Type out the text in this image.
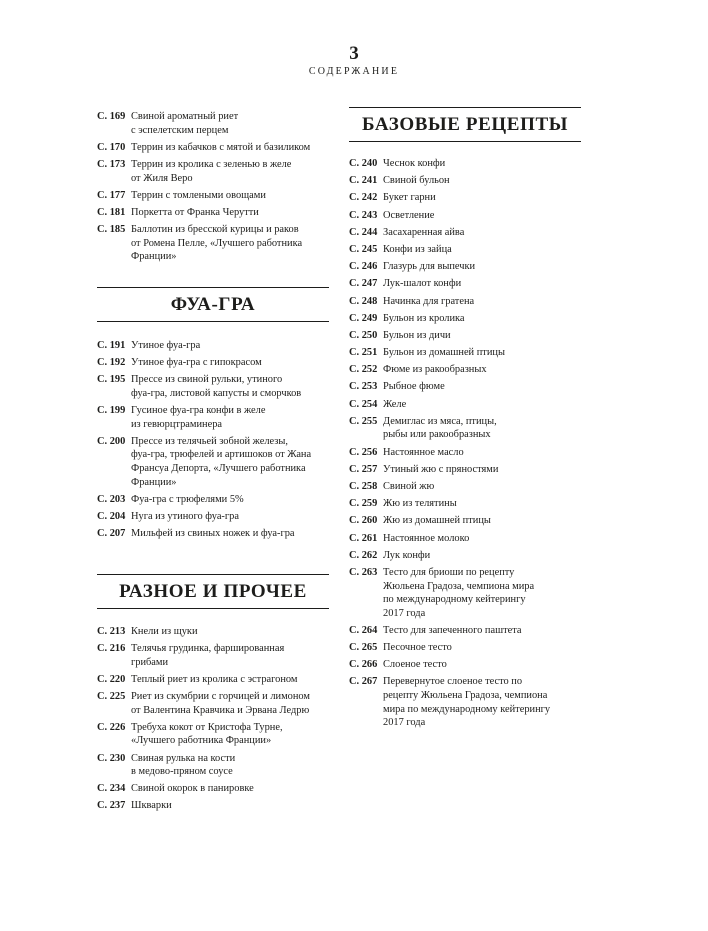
3
СОДЕРЖАНИЕ
С. 169 Свиной ароматный риет
с эспелетским перцем
С. 170 Террин из кабачков с мятой и базиликом
С. 173 Террин из кролика с зеленью в желе
от Жиля Веро
С. 177 Террин с томлеными овощами
С. 181 Поркетта от Франка Черутти
С. 185 Баллотин из бресской курицы и раков
от Ромена Пелле, «Лучшего работника
Франции»
ФУА-ГРА
С. 191 Утиное фуа-гра
С. 192 Утиное фуа-гра с гипокрасом
С. 195 Прессе из свиной рульки, утиного
фуа-гра, листовой капусты и сморчков
С. 199 Гусиное фуа-гра конфи в желе
из гевюрцтраминера
С. 200 Прессе из телячьей зобной железы,
фуа-гра, трюфелей и артишоков от Жана
Франсуа Депорта, «Лучшего работника
Франции»
С. 203 Фуа-гра с трюфелями 5%
С. 204 Нуга из утиного фуа-гра
С. 207 Мильфей из свиных ножек и фуа-гра
РАЗНОЕ И ПРОЧЕЕ
С. 213 Кнели из щуки
С. 216 Телячья грудинка, фаршированная
грибами
С. 220 Теплый риет из кролика с эстрагоном
С. 225 Риет из скумбрии с горчицей и лимоном
от Валентина Кравчика и Эрвана Ледрю
С. 226 Требуха кокот от Кристофа Турне,
«Лучшего работника Франции»
С. 230 Свиная рулька на кости
в медово-пряном соусе
С. 234 Свиной окорок в панировке
С. 237 Шкварки
БАЗОВЫЕ РЕЦЕПТЫ
С. 240 Чеснок конфи
С. 241 Свиной бульон
С. 242 Букет гарни
С. 243 Осветление
С. 244 Засахаренная айва
С. 245 Конфи из зайца
С. 246 Глазурь для выпечки
С. 247 Лук-шалот конфи
С. 248 Начинка для гратена
С. 249 Бульон из кролика
С. 250 Бульон из дичи
С. 251 Бульон из домашней птицы
С. 252 Фюме из ракообразных
С. 253 Рыбное фюме
С. 254 Желе
С. 255 Демиглас из мяса, птицы,
рыбы или ракообразных
С. 256 Настоянное масло
С. 257 Утиный жю с пряностями
С. 258 Свиной жю
С. 259 Жю из телятины
С. 260 Жю из домашней птицы
С. 261 Настоянное молоко
С. 262 Лук конфи
С. 263 Тесто для бриоши по рецепту
Жюльена Градоза, чемпиона мира
по международному кейтерингу
2017 года
С. 264 Тесто для запеченного паштета
С. 265 Песочное тесто
С. 266 Слоеное тесто
С. 267 Перевернутое слоеное тесто по
рецепту Жюльена Градоза, чемпиона
мира по международному кейтерингу
2017 года
